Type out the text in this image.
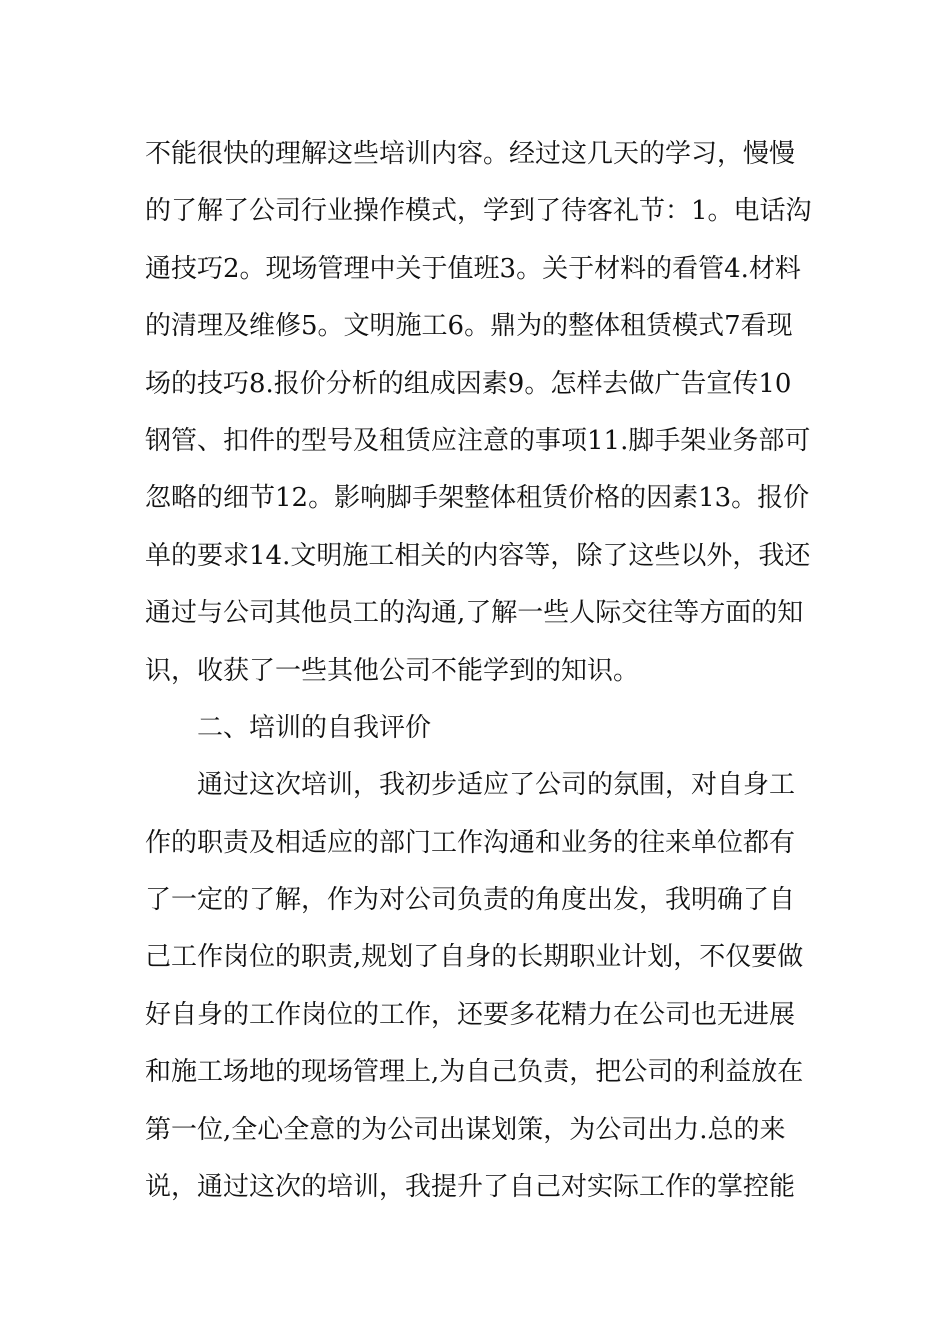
不能很快的理解这些培训内容。经过这几天的学习，慢慢
的了解了公司行业操作模式，学到了待客礼节：1。电话沟
通技巧2。现场管理中关于值班3。关于材料的看管4.材料
的清理及维修5。文明施工6。鼎为的整体租赁模式7看现
场的技巧8.报价分析的组成因素9。怎样去做广告宣传10
钢管、扣件的型号及租赁应注意的事项11.脚手架业务部可
忽略的细节12。影响脚手架整体租赁价格的因素13。报价
单的要求14.文明施工相关的内容等，除了这些以外，我还
通过与公司其他员工的沟通,了解一些人际交往等方面的知
识，收获了一些其他公司不能学到的知识。
二、培训的自我评价
通过这次培训，我初步适应了公司的氛围，对自身工
作的职责及相适应的部门工作沟通和业务的往来单位都有
了一定的了解，作为对公司负责的角度出发，我明确了自
己工作岗位的职责,规划了自身的长期职业计划，不仅要做
好自身的工作岗位的工作，还要多花精力在公司也无进展
和施工场地的现场管理上,为自己负责，把公司的利益放在
第一位,全心全意的为公司出谋划策，为公司出力.总的来
说，通过这次的培训，我提升了自己对实际工作的掌控能
